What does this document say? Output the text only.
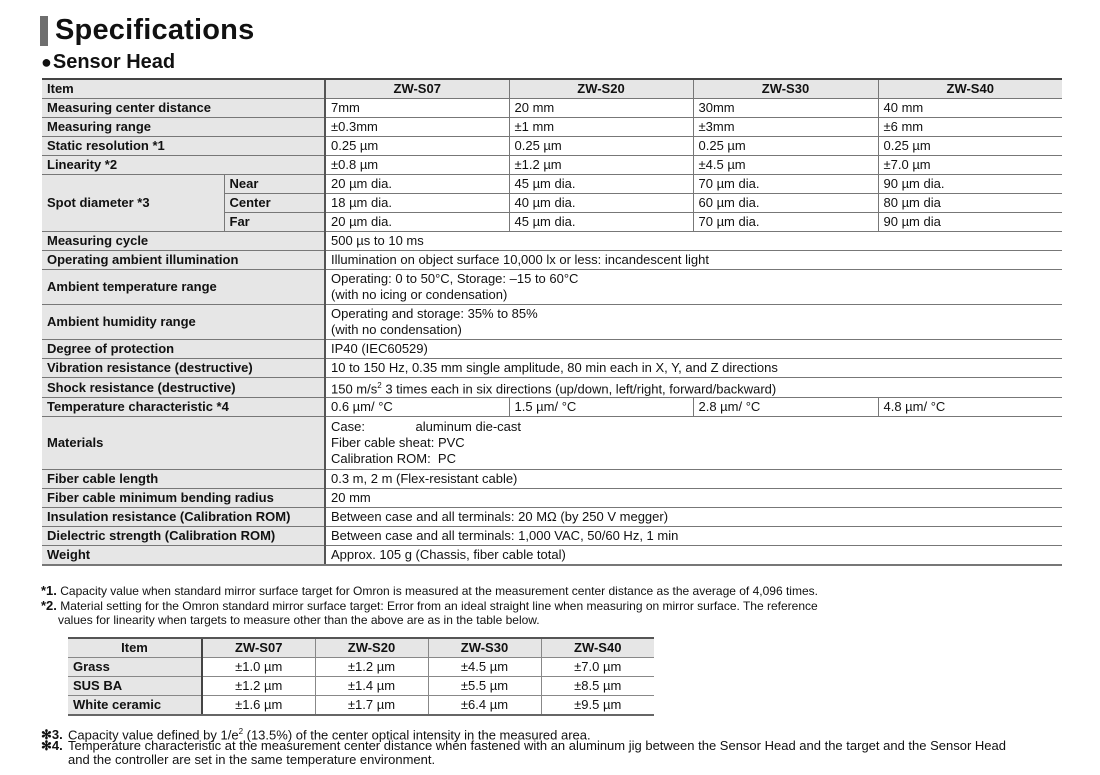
Specifications
●Sensor Head
Item		ZW-S07	ZW-S20	ZW-S30	ZW-S40
Measuring center distance		7mm	20 mm	30mm	40 mm
Measuring range		±0.3mm	±1 mm	±3mm	±6 mm
Static resolution *1		0.25 µm	0.25 µm	0.25 µm	0.25 µm
Linearity *2		±0.8 µm	±1.2 µm	±4.5 µm	±7.0 µm
Spot diameter *3	Near	20 µm dia.	45 µm dia.	70 µm dia.	90 µm dia.
	Center	18 µm dia.	40 µm dia.	60 µm dia.	80 µm dia
	Far	20 µm dia.	45 µm dia.	70 µm dia.	90 µm dia
Measuring cycle		500 µs to 10 ms			
Operating ambient illumination		Illumination on object surface 10,000 lx or less: incandescent light			
Ambient temperature range		Operating: 0 to 50°C, Storage: –15 to 60°C
(with no icing or condensation)			

Ambient humidity range		Operating and storage: 35% to 85%
(with no condensation)			

Degree of protection		IP40 (IEC60529)			
Vibration resistance (destructive)		10 to 150 Hz, 0.35 mm single amplitude, 80 min each in X, Y, and Z directions			
Shock resistance (destructive)		150 $m/s^2$ 3 times each in six directions (up/down, left/right, forward/backward)			
Temperature characteristic *4		0.6 µm/ °C	1.5 µm/ °C	2.8 µm/ °C	4.8 µm/ °C
Materials		Case:              aluminum die-cast
Fiber cable sheat: PVC
Calibration ROM:  PC			

Fiber cable length		0.3 m, 2 m (Flex-resistant cable)			
Fiber cable minimum bending radius		20 mm			
Insulation resistance (Calibration ROM)		Between case and all terminals: 20 MΩ (by 250 V megger)			
Dielectric strength (Calibration ROM)		Between case and all terminals: 1,000 VAC, 50/60 Hz, 1 min			
Weight		Approx. 105 g (Chassis, fiber cable total)			
*1. Capacity value when standard mirror surface target for Omron is measured at the measurement center distance as the average of 4,096 times.
*2. Material setting for the Omron standard mirror surface target: Error from an ideal straight line when measuring on mirror surface. The reference
values for linearity when targets to measure other than the above are as in the table below.
Item	ZW-S07	ZW-S20	ZW-S30	ZW-S40
Grass	±1.0 µm	±1.2 µm	±4.5 µm	±7.0 µm
SUS BA	±1.2 µm	±1.4 µm	±5.5 µm	±8.5 µm
White ceramic	±1.6 µm	±1.7 µm	±6.4 µm	±9.5 µm
✻3. Capacity value defined by $1/e^2$ (13.5%) of the center optical intensity in the measured area.
✻4. Temperature characteristic at the measurement center distance when fastened with an aluminum jig between the Sensor Head and the target and the Sensor Head
and the controller are set in the same temperature environment.
